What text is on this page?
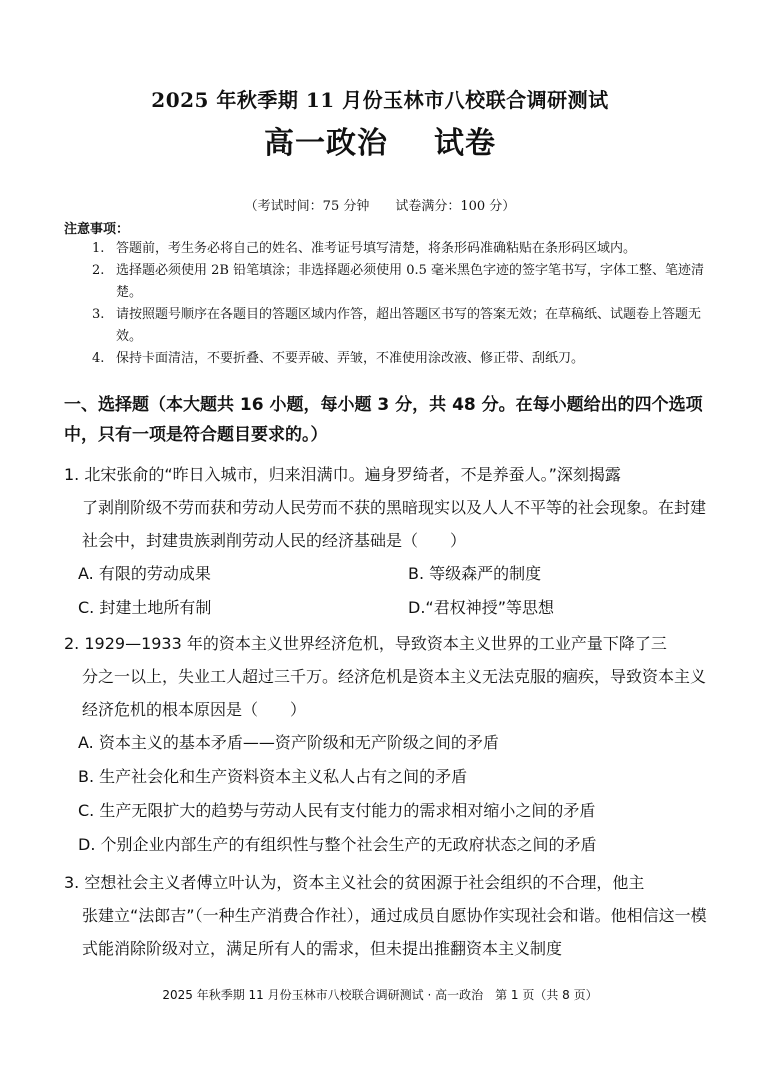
2025 年秋季期 11 月份玉林市八校联合调研测试
高一政治 试卷
（考试时间：75 分钟 试卷满分：100 分）
注意事项：
1. 答题前，考生务必将自己的姓名、准考证号填写清楚，将条形码准确粘贴在条形码区域内。
2. 选择题必须使用 2B 铅笔填涂；非选择题必须使用 0.5 毫米黑色字迹的签字笔书写，字体工整、笔迹清楚。
3. 请按照题号顺序在各题目的答题区域内作答，超出答题区书写的答案无效；在草稿纸、试题卷上答题无效。
4. 保持卡面清洁，不要折叠、不要弄破、弄皱，不准使用涂改液、修正带、刮纸刀。
一、选择题（本大题共 16 小题，每小题 3 分，共 48 分。在每小题给出的四个选项中，只有一项是符合题目要求的。）
1. 北宋张俞的“昨日入城市，归来泪满巾。遍身罗绮者，不是养蚕人。”深刻揭露
了剥削阶级不劳而获和劳动人民劳而不获的黑暗现实以及人人不平等的社会现象。在封建社会中，封建贵族剥削劳动人民的经济基础是（　　）
A. 有限的劳动成果	B. 等级森严的制度
C. 封建土地所有制	D.“君权神授”等思想
2. 1929—1933 年的资本主义世界经济危机，导致资本主义世界的工业产量下降了三
分之一以上，失业工人超过三千万。经济危机是资本主义无法克服的痼疾，导致资本主义经济危机的根本原因是（　　）
A. 资本主义的基本矛盾——资产阶级和无产阶级之间的矛盾
B. 生产社会化和生产资料资本主义私人占有之间的矛盾
C. 生产无限扩大的趋势与劳动人民有支付能力的需求相对缩小之间的矛盾
D. 个别企业内部生产的有组织性与整个社会生产的无政府状态之间的矛盾
3. 空想社会主义者傅立叶认为，资本主义社会的贫困源于社会组织的不合理，他主
张建立“法郎吉”（一种生产消费合作社），通过成员自愿协作实现社会和谐。他相信这一模式能消除阶级对立，满足所有人的需求，但未提出推翻资本主义制度
2025 年秋季期 11 月份玉林市八校联合调研测试 · 高一政治　第 1 页（共 8 页）
